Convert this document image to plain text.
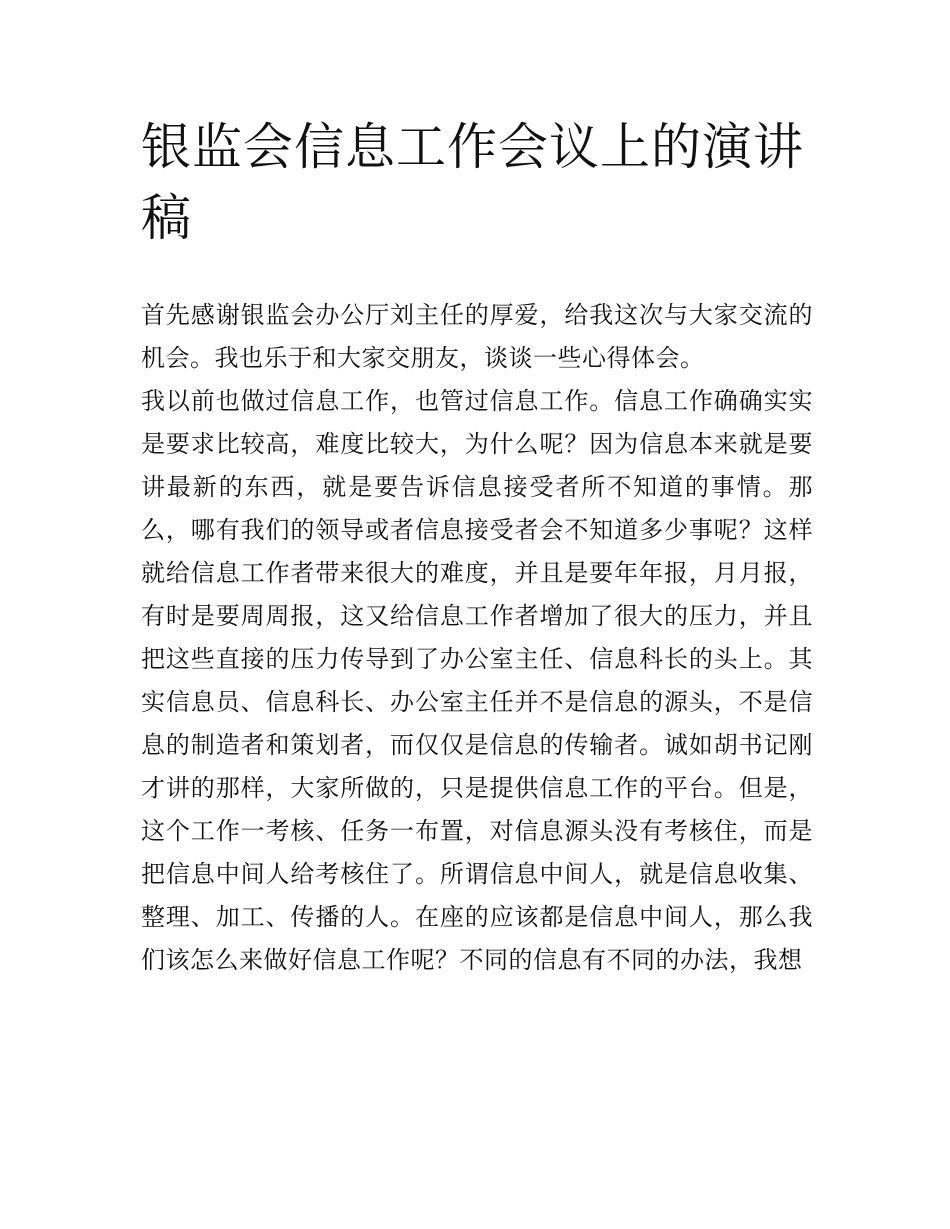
银监会信息工作会议上的演讲稿

首先感谢银监会办公厅刘主任的厚爱，给我这次与大家交流的机会。我也乐于和大家交朋友，谈谈一些心得体会。

我以前也做过信息工作，也管过信息工作。信息工作确确实实是要求比较高，难度比较大，为什么呢？因为信息本来就是要讲最新的东西，就是要告诉信息接受者所不知道的事情。那么，哪有我们的领导或者信息接受者会不知道多少事呢？这样就给信息工作者带来很大的难度，并且是要年年报，月月报，有时是要周周报，这又给信息工作者增加了很大的压力，并且把这些直接的压力传导到了办公室主任、信息科长的头上。其实信息员、信息科长、办公室主任并不是信息的源头，不是信息的制造者和策划者，而仅仅是信息的传输者。诚如胡书记刚才讲的那样，大家所做的，只是提供信息工作的平台。但是，这个工作一考核、任务一布置，对信息源头没有考核住，而是把信息中间人给考核住了。所谓信息中间人，就是信息收集、整理、加工、传播的人。在座的应该都是信息中间人，那么我们该怎么来做好信息工作呢？不同的信息有不同的办法，我想
